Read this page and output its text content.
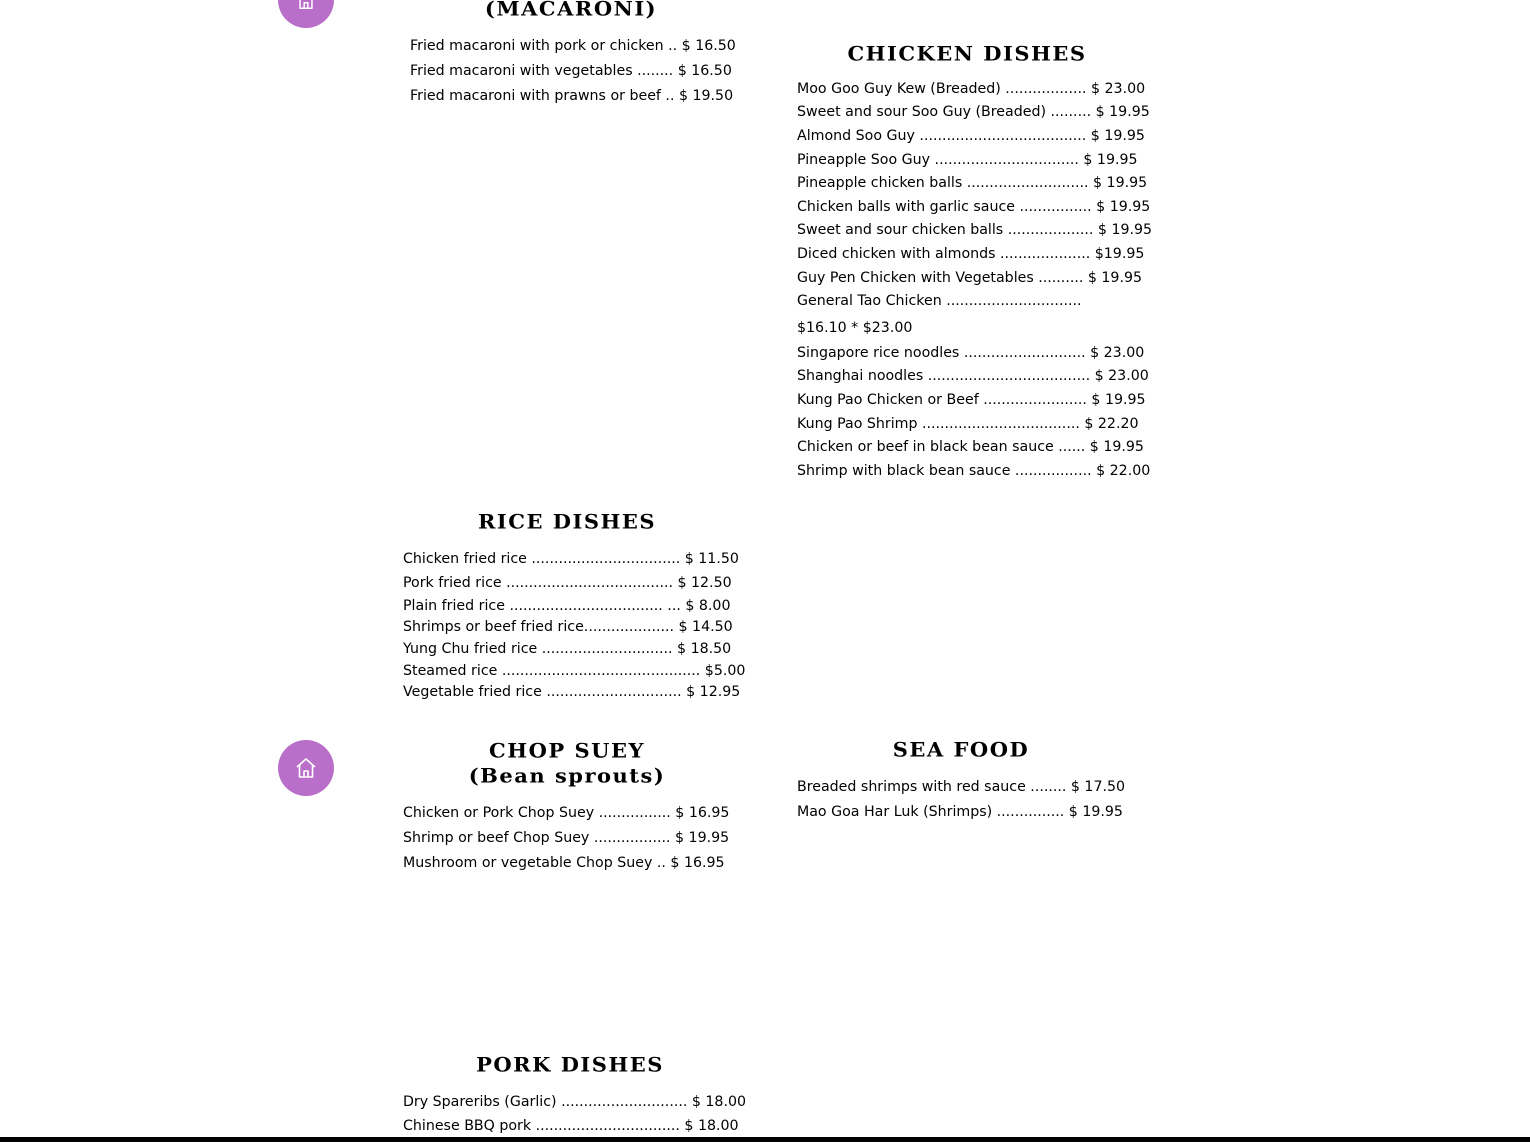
(MACARONI)
Fried macaroni with pork or chicken .. $ 16.50
Fried macaroni with vegetables ........ $ 16.50
Fried macaroni with prawns or beef .. $ 19.50
CHICKEN DISHES
Moo Goo Guy Kew (Breaded) .................. $ 23.00
Sweet and sour Soo Guy (Breaded) ......... $ 19.95
Almond Soo Guy ..................................... $ 19.95
Pineapple Soo Guy ................................ $ 19.95
Pineapple chicken balls ........................... $ 19.95
Chicken balls with garlic sauce ................ $ 19.95
Sweet and sour chicken balls ................... $ 19.95
Diced chicken with almonds .................... $19.95
Guy Pen Chicken with Vegetables .......... $ 19.95
General Tao Chicken ..............................
$16.10 * $23.00
Singapore rice noodles ........................... $ 23.00
Shanghai noodles .................................... $ 23.00
Kung Pao Chicken or Beef ....................... $ 19.95
Kung Pao Shrimp ................................... $ 22.20
Chicken or beef in black bean sauce ...... $ 19.95
Shrimp with black bean sauce ................. $ 22.00
RICE DISHES
Chicken fried rice ................................. $ 11.50
Pork fried rice ..................................... $ 12.50
Plain fried rice .................................. ... $ 8.00
Shrimps or beef fried rice.................... $ 14.50
Yung Chu fried rice ............................. $ 18.50
Steamed rice ............................................ $5.00
Vegetable fried rice .............................. $ 12.95
CHOP SUEY
(Bean sprouts)
Chicken or Pork Chop Suey ................ $ 16.95
Shrimp or beef Chop Suey ................. $ 19.95
Mushroom or vegetable Chop Suey .. $ 16.95
SEA FOOD
Breaded shrimps with red sauce ........ $ 17.50
Mao Goa Har Luk (Shrimps) ............... $ 19.95
PORK DISHES
Dry Spareribs (Garlic) ............................ $ 18.00
Chinese BBQ pork ................................ $ 18.00
